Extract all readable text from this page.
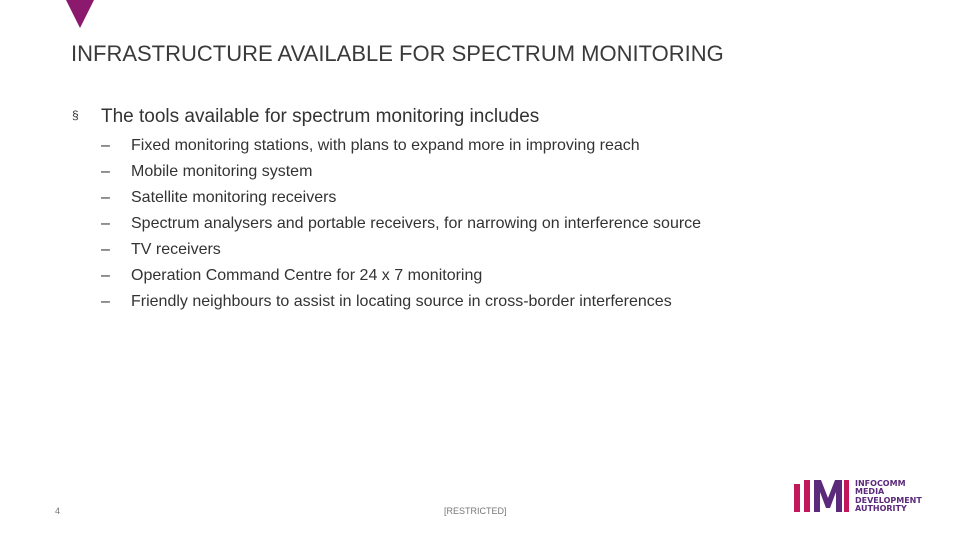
INFRASTRUCTURE AVAILABLE FOR SPECTRUM MONITORING
§ The tools available for spectrum monitoring includes
– Fixed monitoring stations, with plans to expand more in improving reach
– Mobile monitoring system
– Satellite monitoring receivers
– Spectrum analysers and portable receivers, for narrowing on interference source
– TV receivers
– Operation Command Centre for 24 x 7 monitoring
– Friendly neighbours to assist in locating source in cross-border interferences
4	[RESTRICTED]
INFOCOMM
MEDIA
DEVELOPMENT
AUTHORITY
